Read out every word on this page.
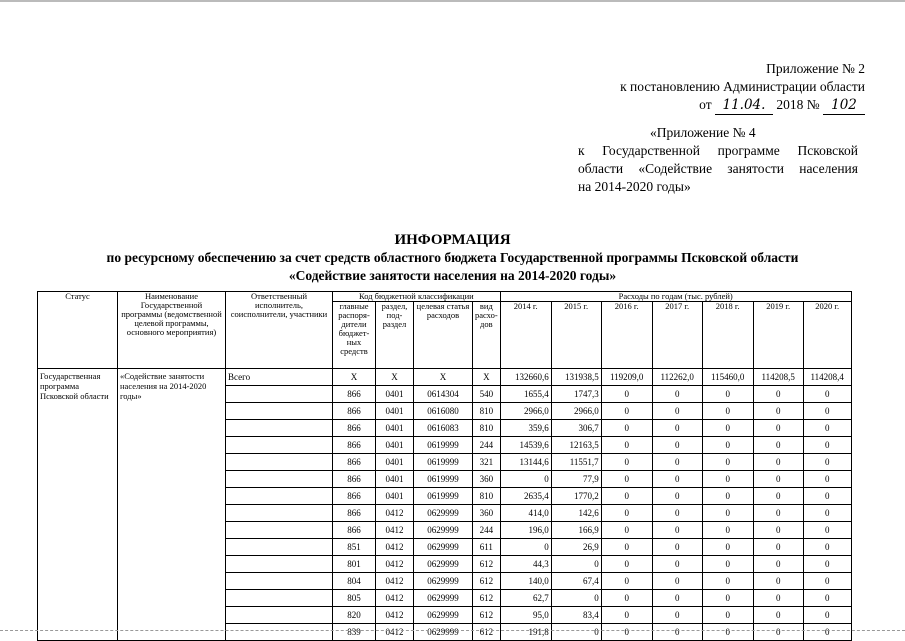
Приложение № 2
к постановлению Администрации области
от 11.04. 2018 № 102
«Приложение № 4
к Государственной программе Псковской
области «Содействие занятости населения
на 2014-2020 годы»
ИНФОРМАЦИЯ
по ресурсному обеспечению за счет средств областного бюджета Государственной программы Псковской области
«Содействие занятости населения на 2014-2020 годы»
Статус	Наименование Государственной программы (ведомственной целевой программы, основного мероприятия)	Ответственный исполнитель, соисполнители, участники	Код бюджетной классификации				Расходы по годам (тыс. рублей)						
			главные распоря-дители бюджет-ных средств	раздел, под-раздел	целевая статья расходов	вид расхо-дов	2014 г.	2015 г.	2016 г.	2017 г.	2018 г.	2019 г.	2020 г.
Государственная программа Псковской области	«Содействие занятости населения на 2014-2020 годы»	Всего	Х	Х	Х	Х	132660,6	131938,5	119209,0	112262,0	115460,0	114208,5	114208,4
			866	0401	0614304	540	1655,4	1747,3	0	0	0	0	0
			866	0401	0616080	810	2966,0	2966,0	0	0	0	0	0
			866	0401	0616083	810	359,6	306,7	0	0	0	0	0
			866	0401	0619999	244	14539,6	12163,5	0	0	0	0	0
			866	0401	0619999	321	13144,6	11551,7	0	0	0	0	0
			866	0401	0619999	360	0	77,9	0	0	0	0	0
			866	0401	0619999	810	2635,4	1770,2	0	0	0	0	0
			866	0412	0629999	360	414,0	142,6	0	0	0	0	0
			866	0412	0629999	244	196,0	166,9	0	0	0	0	0
			851	0412	0629999	611	0	26,9	0	0	0	0	0
			801	0412	0629999	612	44,3	0	0	0	0	0	0
			804	0412	0629999	612	140,0	67,4	0	0	0	0	0
			805	0412	0629999	612	62,7	0	0	0	0	0	0
			820	0412	0629999	612	95,0	83,4	0	0	0	0	0
			839	0412	0629999	612	191,8	0	0	0	0	0	0
